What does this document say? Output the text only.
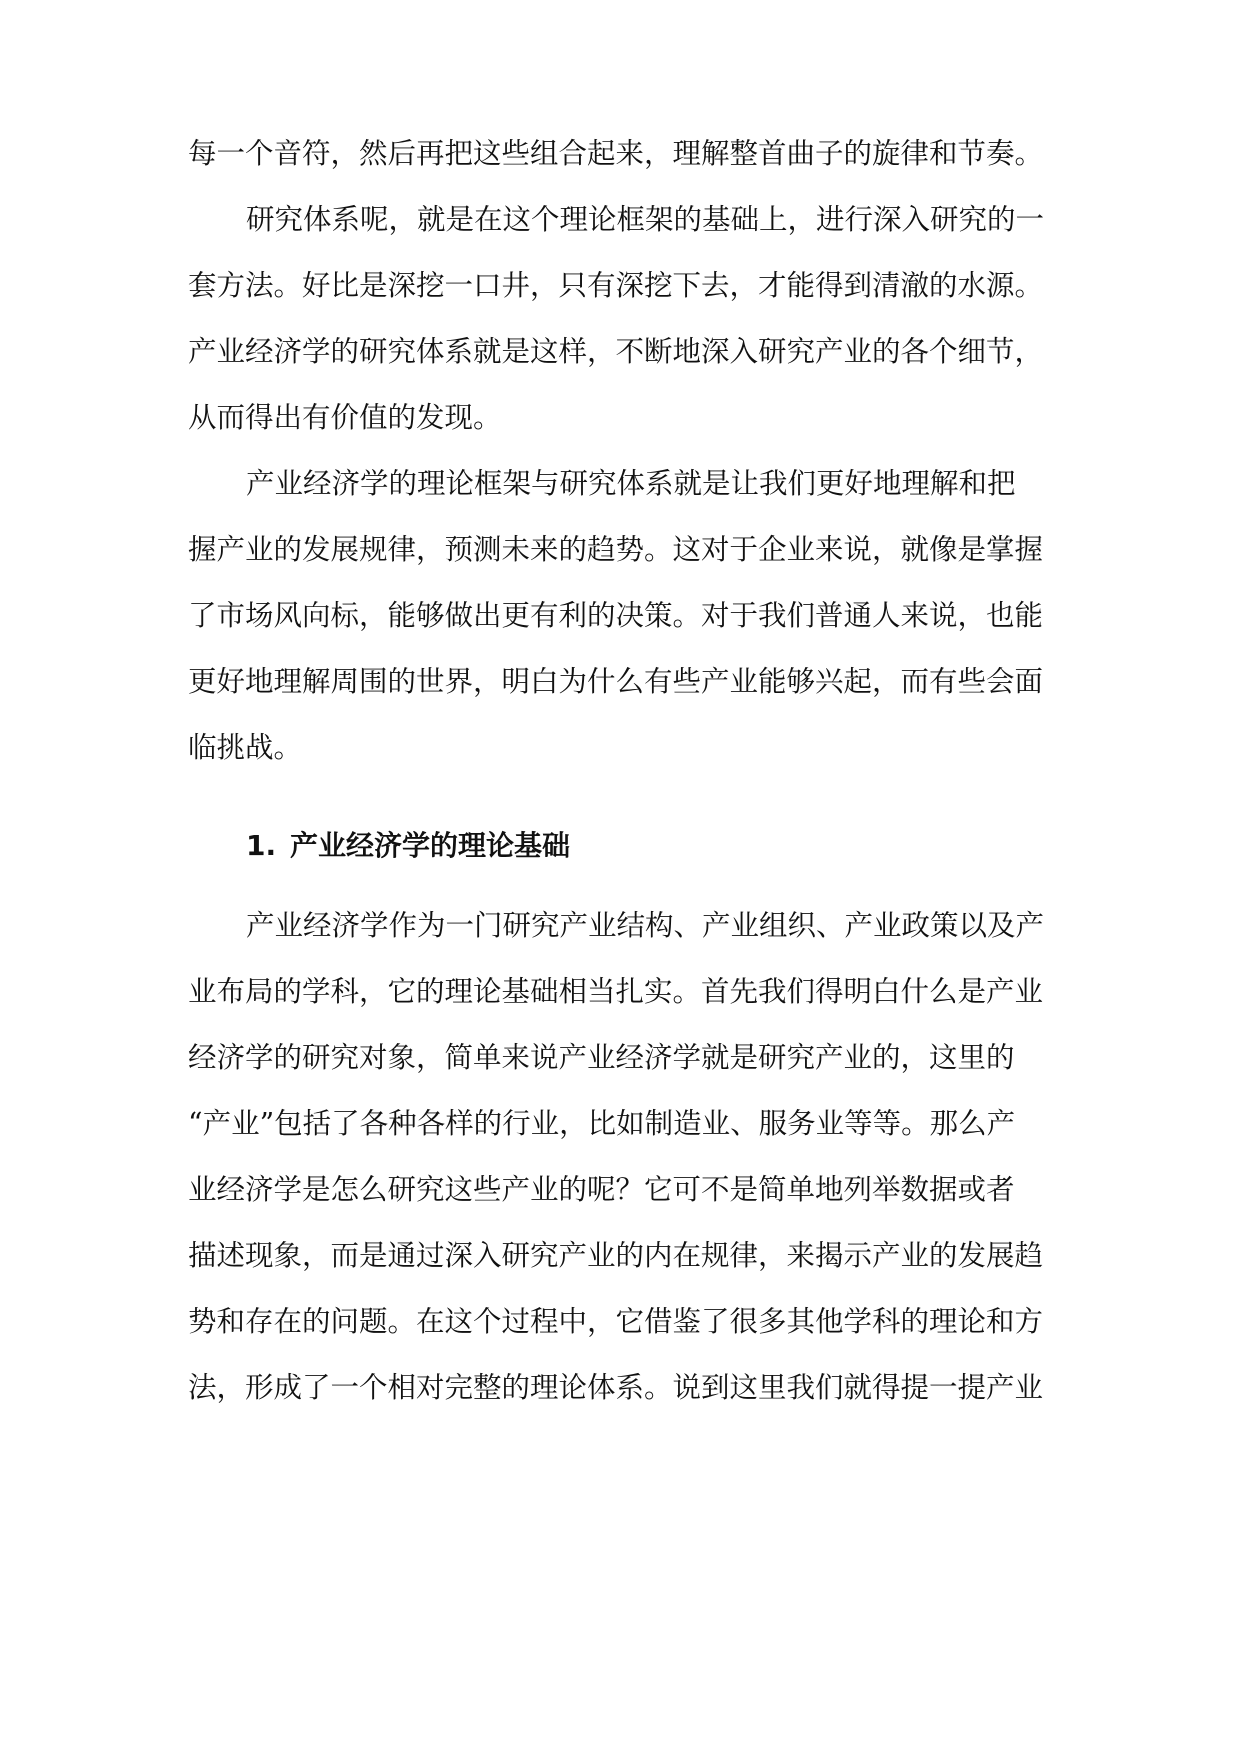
每一个音符，然后再把这些组合起来，理解整首曲子的旋律和节奏。

研究体系呢，就是在这个理论框架的基础上，进行深入研究的一

套方法。好比是深挖一口井，只有深挖下去，才能得到清澈的水源。

产业经济学的研究体系就是这样，不断地深入研究产业的各个细节，

从而得出有价值的发现。

产业经济学的理论框架与研究体系就是让我们更好地理解和把

握产业的发展规律，预测未来的趋势。这对于企业来说，就像是掌握

了市场风向标，能够做出更有利的决策。对于我们普通人来说，也能

更好地理解周围的世界，明白为什么有些产业能够兴起，而有些会面

临挑战。

1. 产业经济学的理论基础

产业经济学作为一门研究产业结构、产业组织、产业政策以及产

业布局的学科，它的理论基础相当扎实。首先我们得明白什么是产业

经济学的研究对象，简单来说产业经济学就是研究产业的，这里的

“产业”包括了各种各样的行业，比如制造业、服务业等等。那么产

业经济学是怎么研究这些产业的呢？它可不是简单地列举数据或者

描述现象，而是通过深入研究产业的内在规律，来揭示产业的发展趋

势和存在的问题。在这个过程中，它借鉴了很多其他学科的理论和方

法，形成了一个相对完整的理论体系。说到这里我们就得提一提产业
